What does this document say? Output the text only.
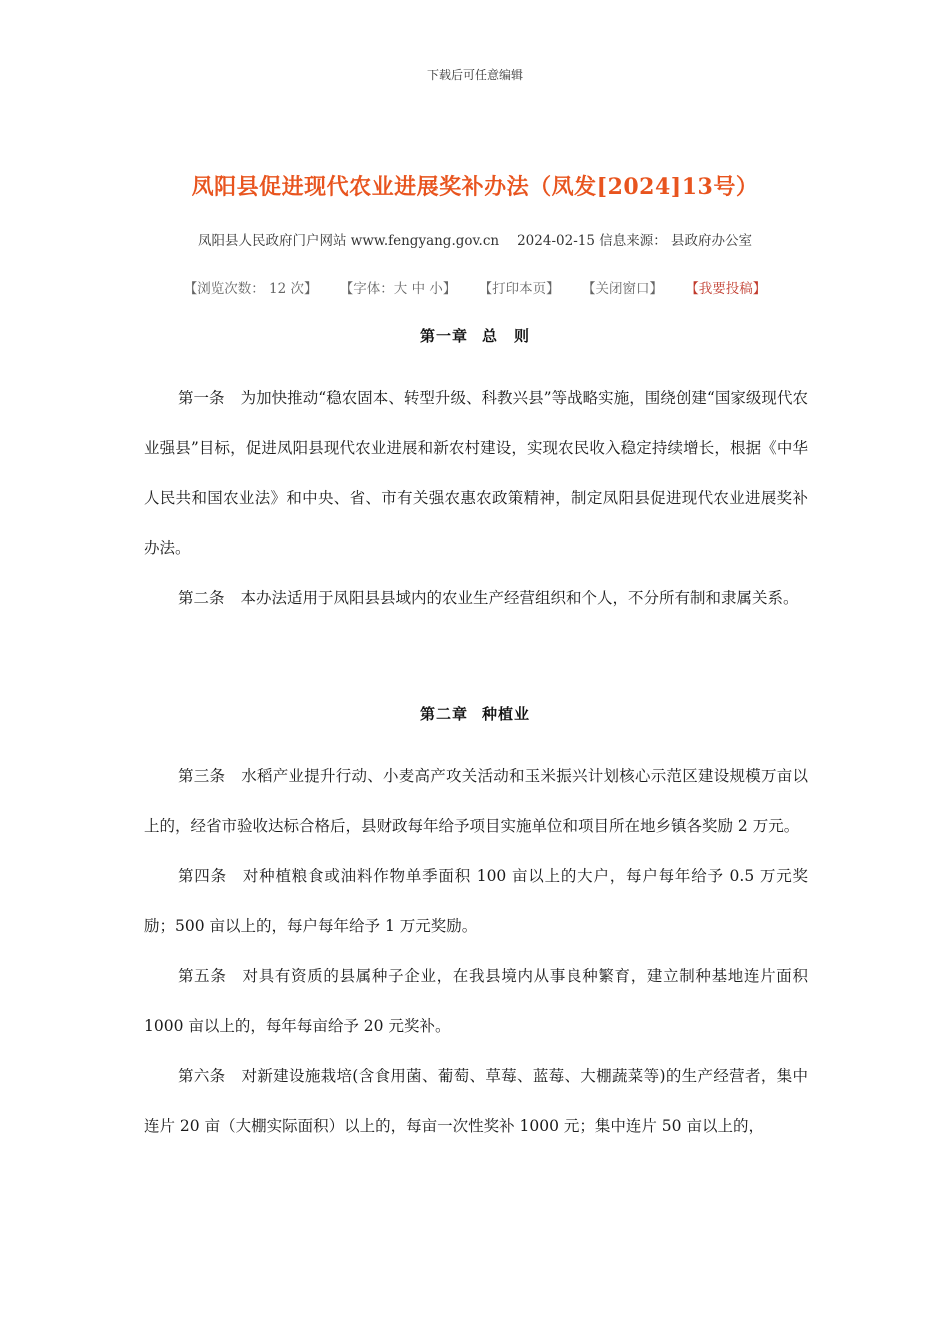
下载后可任意编辑
凤阳县促进现代农业进展奖补办法（凤发[2024]13号）
凤阳县人民政府门户网站 www.fengyang.gov.cn 2024-02-15 信息来源： 县政府办公室
【浏览次数： 12 次】 【字体：大 中 小】 【打印本页】 【关闭窗口】 【我要投稿】
第一章 总　则

第一条 为加快推动“稳农固本、转型升级、科教兴县”等战略实施，围绕创建“国家级现代农业强县”目标，促进凤阳县现代农业进展和新农村建设，实现农民收入稳定持续增长，根据《中华人民共和国农业法》和中央、省、市有关强农惠农政策精神，制定凤阳县促进现代农业进展奖补办法。

第二条 本办法适用于凤阳县县域内的农业生产经营组织和个人，不分所有制和隶属关系。

第二章 种植业

第三条 水稻产业提升行动、小麦高产攻关活动和玉米振兴计划核心示范区建设规模万亩以上的，经省市验收达标合格后，县财政每年给予项目实施单位和项目所在地乡镇各奖励 2 万元。

第四条 对种植粮食或油料作物单季面积 100 亩以上的大户，每户每年给予 0.5 万元奖励；500 亩以上的，每户每年给予 1 万元奖励。

第五条 对具有资质的县属种子企业，在我县境内从事良种繁育，建立制种基地连片面积 1000 亩以上的，每年每亩给予 20 元奖补。

第六条 对新建设施栽培(含食用菌、葡萄、草莓、蓝莓、大棚蔬菜等)的生产经营者，集中连片 20 亩（大棚实际面积）以上的，每亩一次性奖补 1000 元；集中连片 50 亩以上的，
